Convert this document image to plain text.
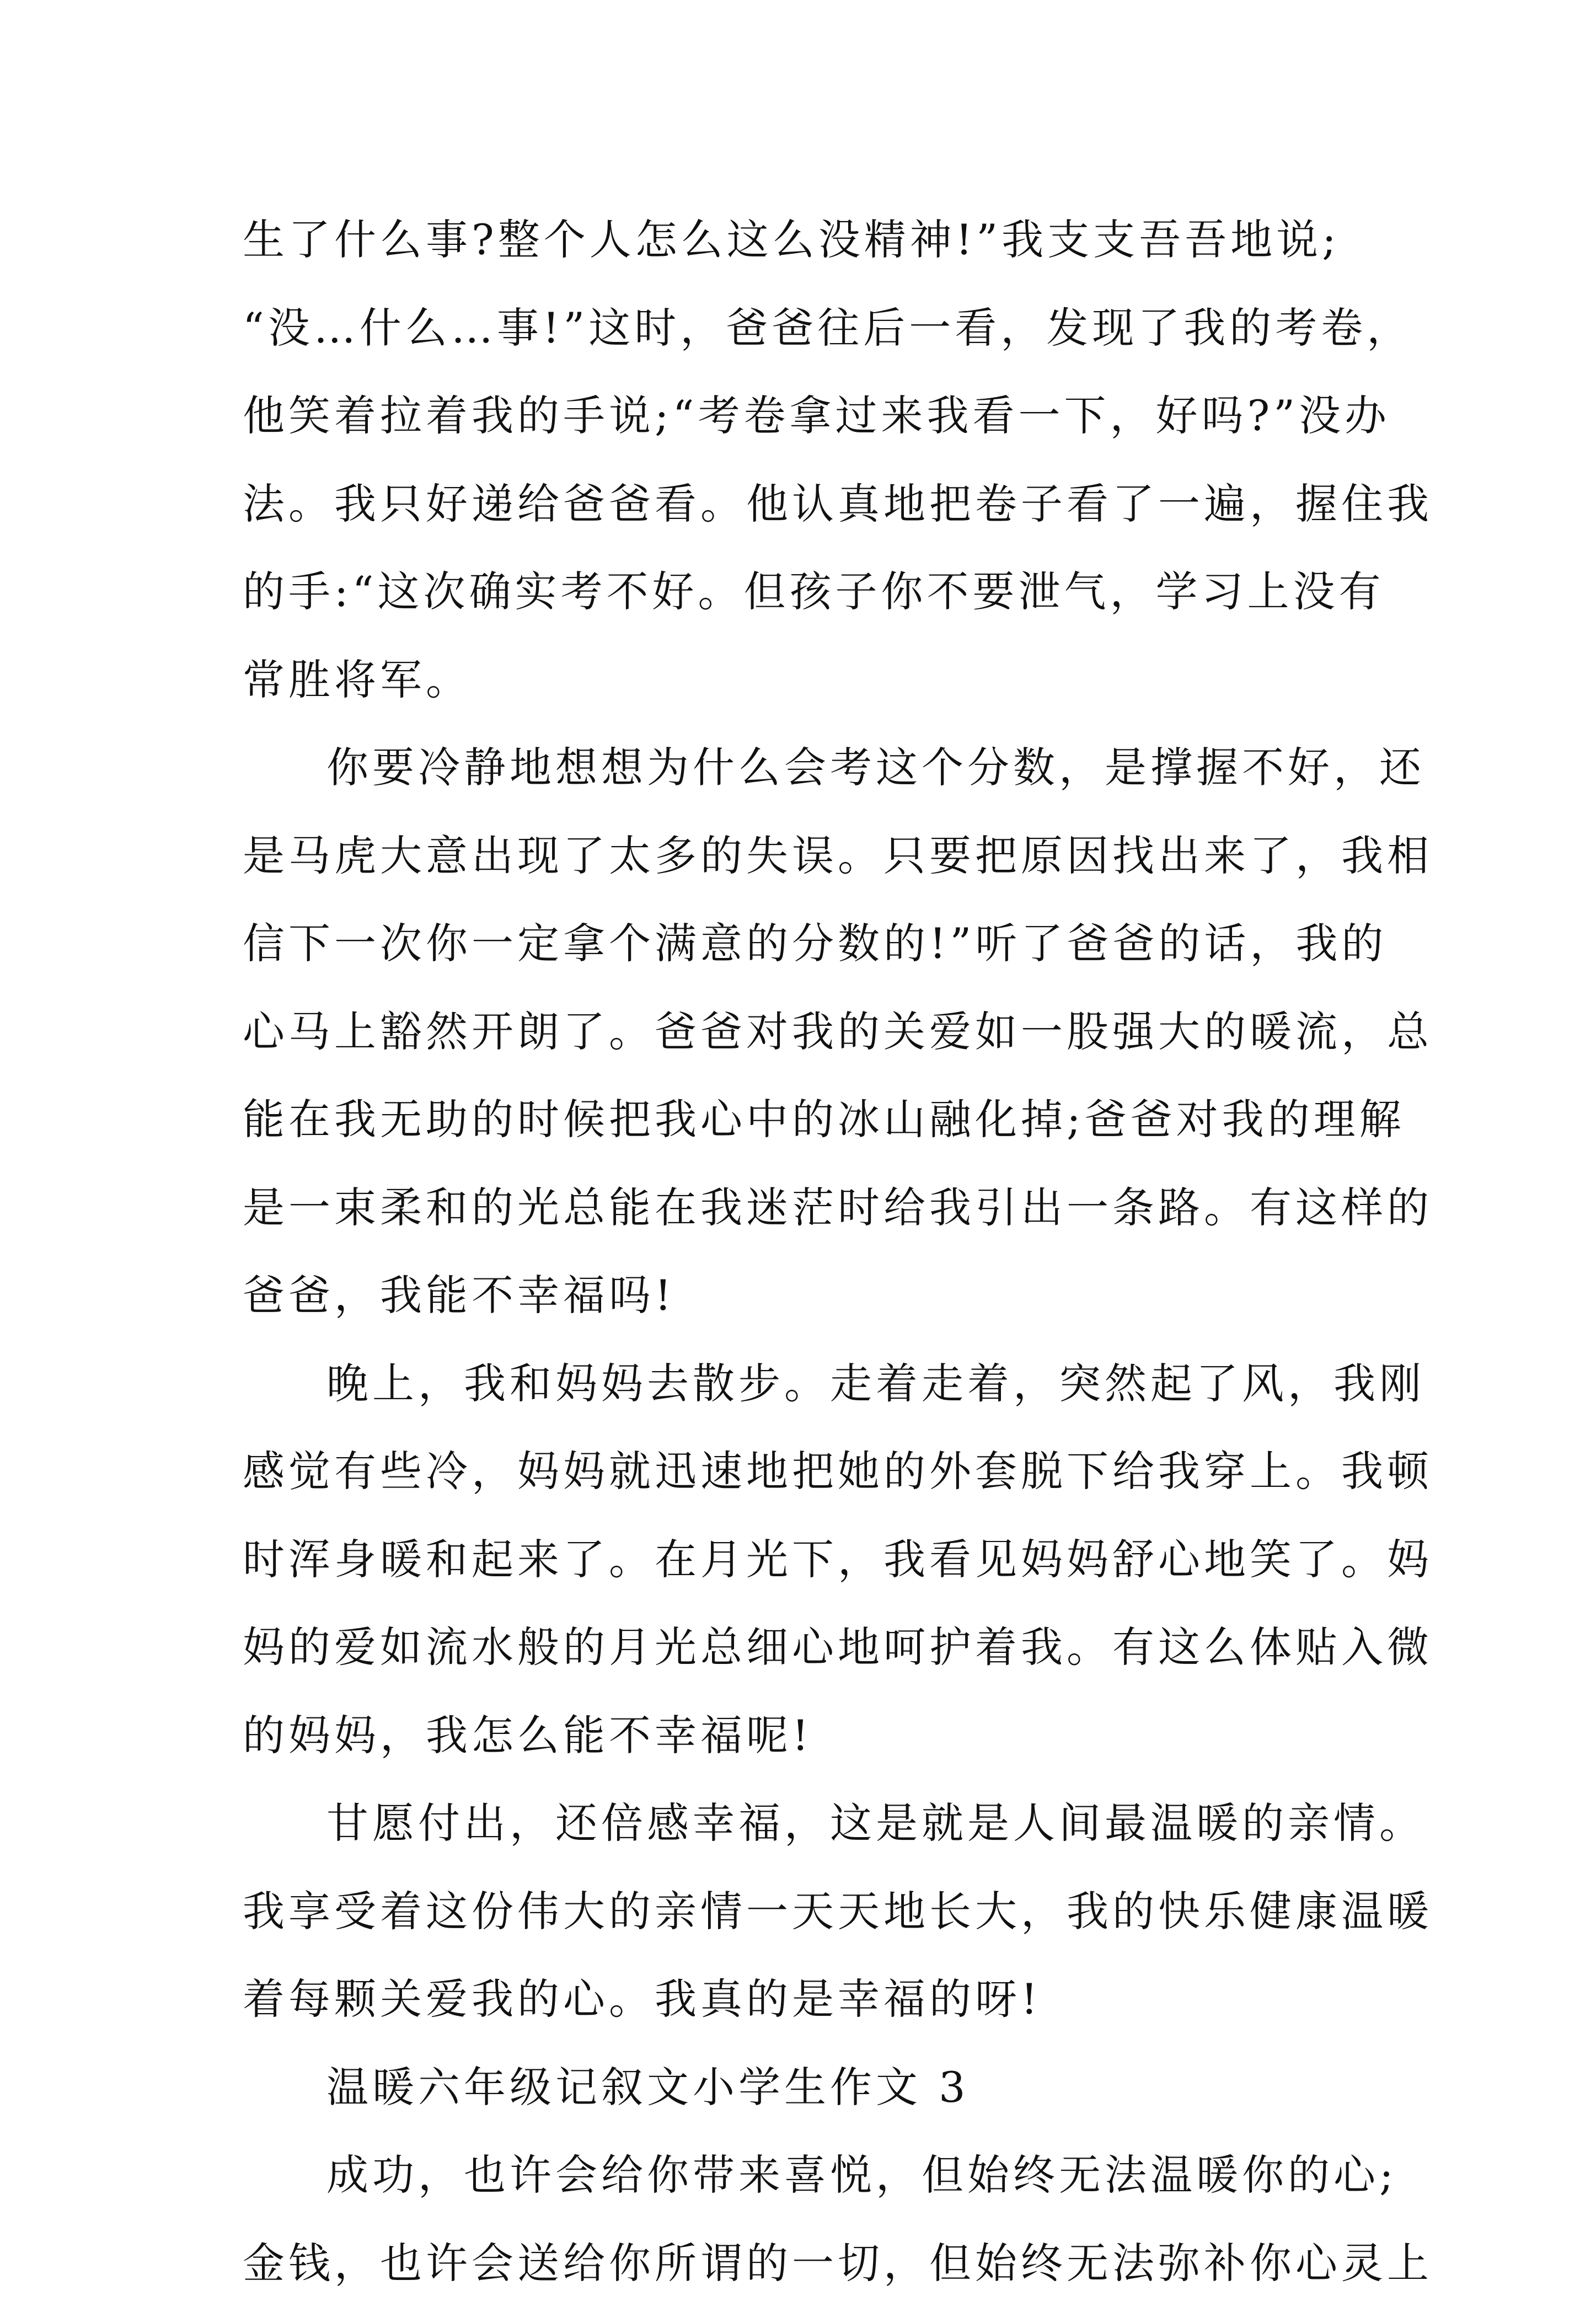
生了什么事?整个人怎么这么没精神!”我支支吾吾地说;
“没…什么…事!”这时，爸爸往后一看，发现了我的考卷，
他笑着拉着我的手说;“考卷拿过来我看一下，好吗?”没办
法。我只好递给爸爸看。他认真地把卷子看了一遍，握住我
的手:“这次确实考不好。但孩子你不要泄气，学习上没有
常胜将军。
你要冷静地想想为什么会考这个分数，是撑握不好，还
是马虎大意出现了太多的失误。只要把原因找出来了，我相
信下一次你一定拿个满意的分数的!”听了爸爸的话，我的
心马上豁然开朗了。爸爸对我的关爱如一股强大的暖流，总
能在我无助的时候把我心中的冰山融化掉;爸爸对我的理解
是一束柔和的光总能在我迷茫时给我引出一条路。有这样的
爸爸，我能不幸福吗!
晚上，我和妈妈去散步。走着走着，突然起了风，我刚
感觉有些冷，妈妈就迅速地把她的外套脱下给我穿上。我顿
时浑身暖和起来了。在月光下，我看见妈妈舒心地笑了。妈
妈的爱如流水般的月光总细心地呵护着我。有这么体贴入微
的妈妈，我怎么能不幸福呢!
甘愿付出，还倍感幸福，这是就是人间最温暖的亲情。
我享受着这份伟大的亲情一天天地长大，我的快乐健康温暖
着每颗关爱我的心。我真的是幸福的呀!
温暖六年级记叙文小学生作文 3
成功，也许会给你带来喜悦，但始终无法温暖你的心;
金钱，也许会送给你所谓的一切，但始终无法弥补你心灵上
